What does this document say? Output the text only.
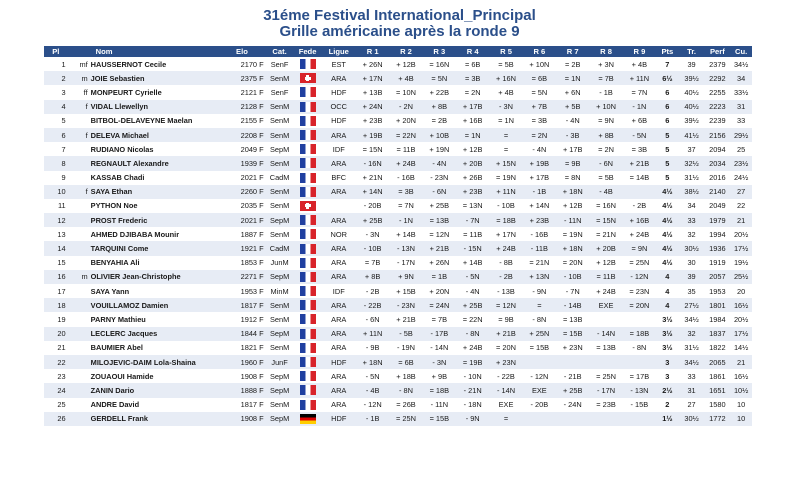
31éme Festival International_Principal
Grille américaine après la ronde 9
Pl	Nom	Elo	Cat.	Fede	Ligue	R 1	R 2	R 3	R 4	R 5	R 6	R 7	R 8	R 9	Pts	Tr.	Perf	Cu.
1	mf HAUSSERNOT Cecile	2170 F	SenF		EST	+ 26N	+ 12B	= 16N	= 6B	= 5B	+ 10N	= 2B	+ 3N	+ 4B	7	39	2379	34½
2	m JOIE Sebastien	2375 F	SenM		ARA	+ 17N	+ 4B	= 5N	= 3B	+ 16N	= 6B	= 1N	= 7B	+ 11N	6½	39½	2292	34
3	ff MONPEURT Cyrielle	2121 F	SenF		HDF	+ 13B	= 10N	+ 22B	= 2N	+ 4B	= 5N	+ 6N	- 1B	= 7N	6	40½	2255	33½
4	f VIDAL Llewellyn	2128 F	SenM		OCC	+ 24N	- 2N	+ 8B	+ 17B	- 3N	+ 7B	+ 5B	+ 10N	- 1N	6	40½	2223	31
5	BITBOL-DELAVEYNE Maelan	2155 F	SenM		HDF	+ 23B	+ 20N	= 2B	+ 16B	= 1N	= 3B	- 4N	= 9N	+ 6B	6	39½	2239	33
6	f DELEVA Michael	2208 F	SenM		ARA	+ 19B	= 22N	+ 10B	= 1N	=	= 2N	- 3B	+ 8B	- 5N	5	41½	2156	29½
7	RUDIANO Nicolas	2049 F	SepM		IDF	= 15N	= 11B	+ 19N	+ 12B	=	- 4N	+ 17B	= 2N	= 3B	5	37	2094	25
8	REGNAULT Alexandre	1939 F	SenM		ARA	- 16N	+ 24B	- 4N	+ 20B	+ 15N	+ 19B	= 9B	- 6N	+ 21B	5	32½	2034	23½
9	KASSAB Chadi	2021 F	CadM		BFC	+ 21N	- 16B	- 23N	+ 26B	= 19N	+ 17B	= 8N	= 5B	= 14B	5	31½	2016	24½
10	f SAYA Ethan	2260 F	SenM		ARA	+ 14N	= 3B	- 6N	+ 23B	+ 11N	- 1B	+ 18N	- 4B		4½	38½	2140	27
11	PYTHON Noe	2035 F	SenM			- 20B	= 7N	+ 25B	= 13N	- 10B	+ 14N	+ 12B	= 16N	- 2B	4½	34	2049	22
12	PROST Frederic	2021 F	SepM		ARA	+ 25B	- 1N	= 13B	- 7N	= 18B	+ 23B	- 11N	= 15N	+ 16B	4½	33	1979	21
13	AHMED DJIBABA Mounir	1887 F	SenM		NOR	- 3N	+ 14B	= 12N	= 11B	+ 17N	- 16B	= 19N	= 21N	+ 24B	4½	32	1994	20½
14	TARQUINI Come	1921 F	CadM		ARA	- 10B	- 13N	+ 21B	- 15N	+ 24B	- 11B	+ 18N	+ 20B	= 9N	4½	30½	1936	17½
15	BENYAHIA Ali	1853 F	JunM		ARA	= 7B	- 17N	+ 26N	+ 14B	- 8B	= 21N	= 20N	+ 12B	= 25N	4½	30	1919	19½
16	m OLIVIER Jean-Christophe	2271 F	SepM		ARA	+ 8B	+ 9N	= 1B	- 5N	- 2B	+ 13N	- 10B	= 11B	- 12N	4	39	2057	25½
17	SAYA Yann	1953 F	MinM		IDF	- 2B	+ 15B	+ 20N	- 4N	- 13B	- 9N	- 7N	+ 24B	= 23N	4	35	1953	20
18	VOUILLAMOZ Damien	1817 F	SenM		ARA	- 22B	- 23N	= 24N	+ 25B	= 12N	=	- 14B	EXE	= 20N	4	27½	1801	16½
19	PARNY Mathieu	1912 F	SenM		ARA	- 6N	+ 21B	= 7B	= 22N	= 9B	- 8N	= 13B			3½	34½	1984	20½
20	LECLERC Jacques	1844 F	SepM		ARA	+ 11N	- 5B	- 17B	- 8N	+ 21B	+ 25N	= 15B	- 14N	= 18B	3½	32	1837	17½
21	BAUMIER Abel	1821 F	SenM		ARA	- 9B	- 19N	- 14N	+ 24B	= 20N	= 15B	+ 23N	= 13B	- 8N	3½	31½	1822	14½
22	MILOJEVIC-DAIM Lola-Shaina	1960 F	JunF		HDF	+ 18N	= 6B	- 3N	= 19B	+ 23N					3	34½	2065	21
23	ZOUAOUI Hamide	1908 F	SepM		ARA	- 5N	+ 18B	+ 9B	- 10N	- 22B	- 12N	- 21B	= 25N	= 17B	3	33	1861	16½
24	ZANIN Dario	1888 F	SepM		ARA	- 4B	- 8N	= 18B	- 21N	- 14N	EXE	+ 25B	- 17N	- 13N	2½	31	1651	10½
25	ANDRE David	1817 F	SenM		ARA	- 12N	= 26B	- 11N	- 18N	EXE	- 20B	- 24N	= 23B	- 15B	2	27	1580	10
26	GERDELL Frank	1908 F	SepM		HDF	- 1B	= 25N	= 15B	- 9N	=					1½	30½	1772	10
